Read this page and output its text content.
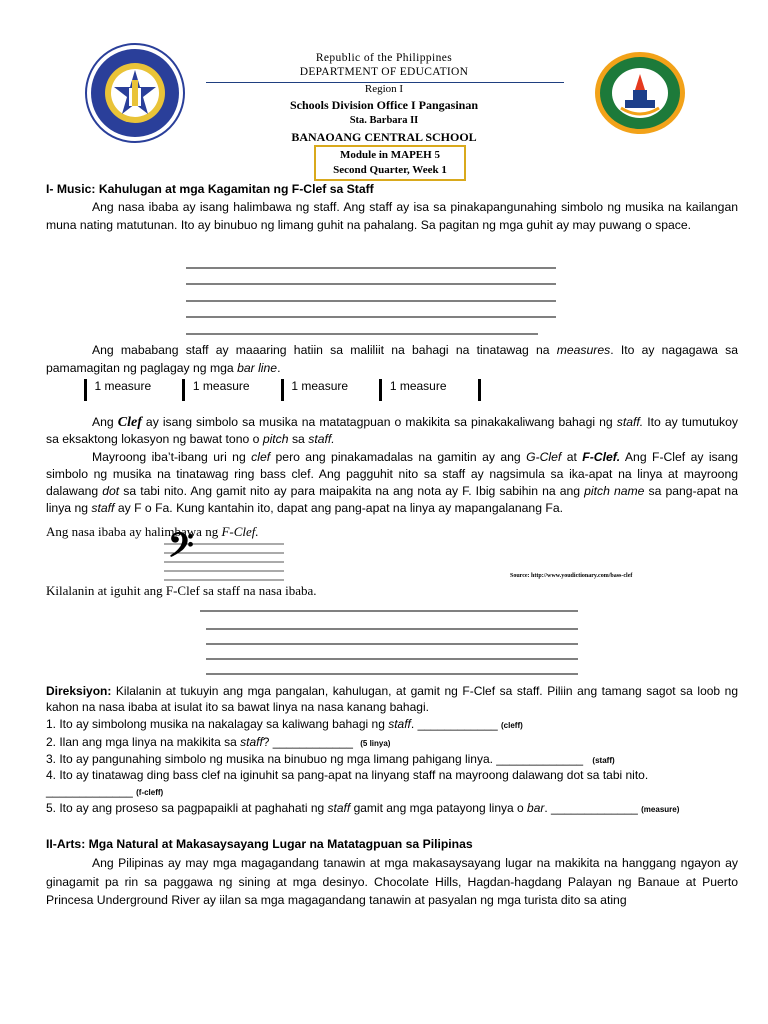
Republic of the Philippines
DEPARTMENT OF EDUCATION
Region I
Schools Division Office I Pangasinan
Sta. Barbara II
BANAOANG CENTRAL SCHOOL
Module in MAPEH 5
Second Quarter, Week 1
I- Music: Kahulugan at mga Kagamitan ng F-Clef sa Staff
Ang nasa ibaba ay isang halimbawa ng staff. Ang staff ay isa sa pinakapangunahing simbolo ng musika na kailangan muna nating matutunan. Ito ay binubuo ng limang guhit na pahalang. Sa pagitan ng mga guhit ay may puwang o space.
Ang mababang staff ay maaaring hatiin sa maliliit na bahagi na tinatawag na measures. Ito ay nagagawa sa pamamagitan ng paglagay ng mga bar line.
1 measure	1 measure	1 measure	1 measure
Ang Clef ay isang simbolo sa musika na matatagpuan o makikita sa pinakakaliwang bahagi ng staff. Ito ay tumutukoy sa eksaktong lokasyon ng bawat tono o pitch sa staff.
Mayroong iba’t-ibang uri ng clef pero ang pinakamadalas na gamitin ay ang G-Clef at F-Clef. Ang F-Clef ay isang simbolo ng musika na tinatawag ring bass clef. Ang pagguhit nito sa staff ay nagsimula sa ika-apat na linya at mayroong dalawang dot sa tabi nito. Ang gamit nito ay para maipakita na ang nota ay F. Ibig sabihin na ang pitch name sa pang-apat na linya ng staff ay F o Fa. Kung kantahin ito, dapat ang pang-apat na linya ay mapangalanang Fa.
Ang nasa ibaba ay halimbawa ng F-Clef.
𝄢
Source: http://www.youdictionary.com/bass-clef
Kilalanin at iguhit ang F-Clef sa staff na nasa ibaba.
Direksiyon: Kilalanin at tukuyin ang mga pangalan, kahulugan, at gamit ng F-Clef sa staff. Piliin ang tamang sagot sa loob ng kahon na nasa ibaba at isulat ito sa bawat linya na nasa kanang bahagi.
1. Ito ay simbolong musika na nakalagay sa kaliwang bahagi ng staff. ____________ (cleff)
2. Ilan ang mga linya na makikita sa staff? ____________ (5 linya)
3. Ito ay pangunahing simbolo ng musika na binubuo ng mga limang pahigang linya. _____________ (staff)
4. Ito ay tinatawag ding bass clef na iginuhit sa pang-apat na linyang staff na mayroong dalawang dot sa tabi nito.
_____________ (f-cleff)
5. Ito ay ang proseso sa pagpapaikli at paghahati ng staff gamit ang mga patayong linya o bar. _____________ (measure)
II-Arts: Mga Natural at Makasaysayang Lugar na Matatagpuan sa Pilipinas
Ang Pilipinas ay may mga magagandang tanawin at mga makasaysayang lugar na makikita na hanggang ngayon ay ginagamit pa rin sa paggawa ng sining at mga desinyo. Chocolate Hills, Hagdan-hagdang Palayan ng Banaue at Puerto Princesa Underground River ay iilan sa mga magagandang tanawin at pasyalan ng mga turista dito sa ating
